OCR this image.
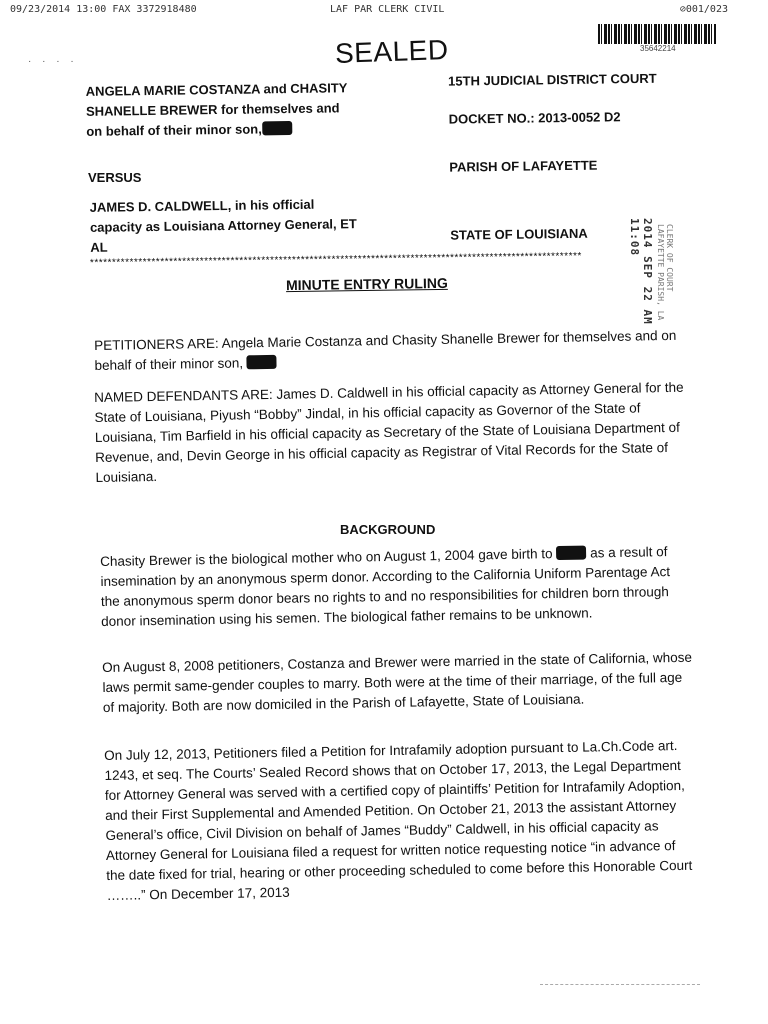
09/23/2014 13:00 FAX 3372918480	LAF PAR CLERK CIVIL	⊘001/023
SEALED	35642214
· · · ·
ANGELA MARIE COSTANZA and CHASITY SHANELLE BREWER for themselves and on behalf of their minor son,
15TH JUDICIAL DISTRICT COURT
DOCKET NO.: 2013-0052 D2
PARISH OF LAFAYETTE
STATE OF LOUISIANA
VERSUS
JAMES D. CALDWELL, in his official capacity as Louisiana Attorney General, ET AL
****************************************************************************************************************	2014 SEP 22 AM 11:08	CLERK OF COURT LAFAYETTE PARISH, LA
MINUTE ENTRY RULING
PETITIONERS ARE: Angela Marie Costanza and Chasity Shanelle Brewer for themselves and on behalf of their minor son,
NAMED DEFENDANTS ARE: James D. Caldwell in his official capacity as Attorney General for the State of Louisiana, Piyush “Bobby” Jindal, in his official capacity as Governor of the State of Louisiana, Tim Barfield in his official capacity as Secretary of the State of Louisiana Department of Revenue, and, Devin George in his official capacity as Registrar of Vital Records for the State of Louisiana.
BACKGROUND
Chasity Brewer is the biological mother who on August 1, 2004 gave birth to	as a result of insemination by an anonymous sperm donor. According to the California Uniform Parentage Act the anonymous sperm donor bears no rights to and no responsibilities for children born through donor insemination using his semen. The biological father remains to be unknown.
On August 8, 2008 petitioners, Costanza and Brewer were married in the state of California, whose laws permit same-gender couples to marry. Both were at the time of their marriage, of the full age of majority. Both are now domiciled in the Parish of Lafayette, State of Louisiana.
On July 12, 2013, Petitioners filed a Petition for Intrafamily adoption pursuant to La.Ch.Code art. 1243, et seq. The Courts’ Sealed Record shows that on October 17, 2013, the Legal Department for Attorney General was served with a certified copy of plaintiffs’ Petition for Intrafamily Adoption, and their First Supplemental and Amended Petition. On October 21, 2013 the assistant Attorney General’s office, Civil Division on behalf of James “Buddy” Caldwell, in his official capacity as Attorney General for Louisiana filed a request for written notice requesting notice “in advance of the date fixed for trial, hearing or other proceeding scheduled to come before this Honorable Court ……..” On December 17, 2013
